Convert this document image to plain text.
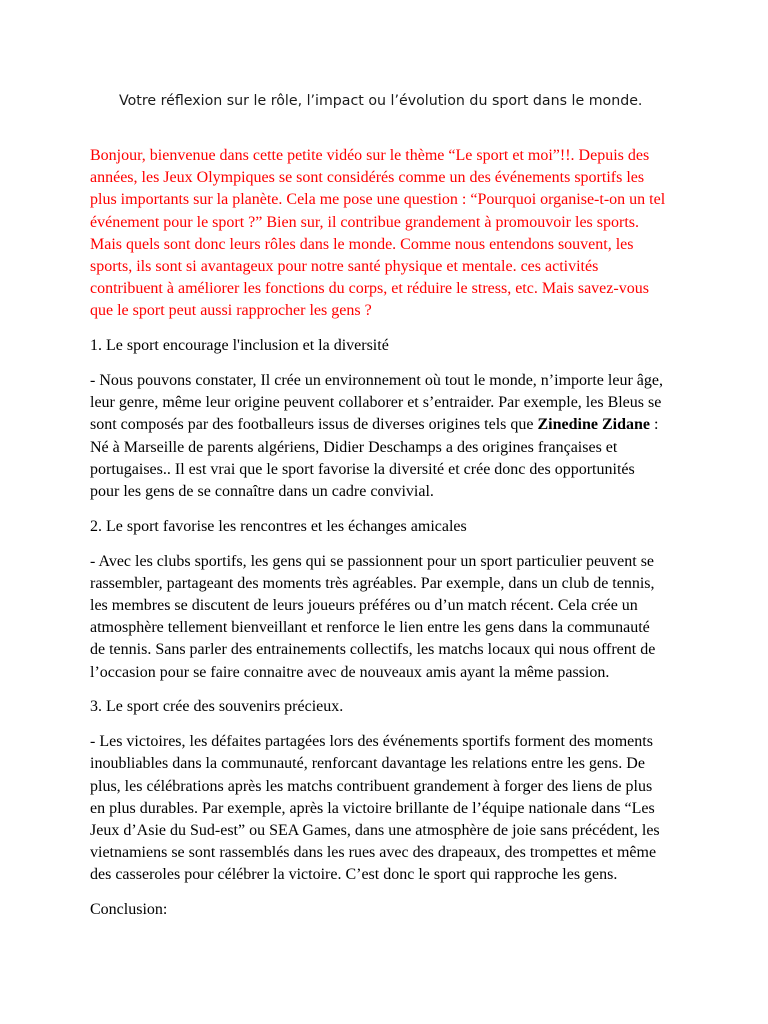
Votre réflexion sur le rôle, l’impact ou l’évolution du sport dans le monde.

Bonjour, bienvenue dans cette petite vidéo sur le thème “Le sport et moi”!!. Depuis des
années, les Jeux Olympiques se sont considérés comme un des événements sportifs les
plus importants sur la planète. Cela me pose une question : “Pourquoi organise-t-on un tel
événement pour le sport ?” Bien sur, il contribue grandement à promouvoir les sports.
Mais quels sont donc leurs rôles dans le monde. Comme nous entendons souvent, les
sports, ils sont si avantageux pour notre santé physique et mentale. ces activités
contribuent à améliorer les fonctions du corps, et réduire le stress, etc. Mais savez-vous
que le sport peut aussi rapprocher les gens ?

1. Le sport encourage l'inclusion et la diversité

- Nous pouvons constater, Il crée un environnement où tout le monde, n’importe leur âge,
leur genre, même leur origine peuvent collaborer et s’entraider. Par exemple, les Bleus se
sont composés par des footballeurs issus de diverses origines tels que Zinedine Zidane :
Né à Marseille de parents algériens, Didier Deschamps a des origines françaises et
portugaises.. Il est vrai que le sport favorise la diversité et crée donc des opportunités
pour les gens de se connaître dans un cadre convivial.

2. Le sport favorise les rencontres et les échanges amicales

- Avec les clubs sportifs, les gens qui se passionnent pour un sport particulier peuvent se
rassembler, partageant des moments très agréables. Par exemple, dans un club de tennis,
les membres se discutent de leurs joueurs préféres ou d’un match récent. Cela crée un
atmosphère tellement bienveillant et renforce le lien entre les gens dans la communauté
de tennis. Sans parler des entrainements collectifs, les matchs locaux qui nous offrent de
l’occasion pour se faire connaitre avec de nouveaux amis ayant la même passion.

3. Le sport crée des souvenirs précieux.

- Les victoires, les défaites partagées lors des événements sportifs forment des moments
inoubliables dans la communauté, renforcant davantage les relations entre les gens. De
plus, les célébrations après les matchs contribuent grandement à forger des liens de plus
en plus durables. Par exemple, après la victoire brillante de l’équipe nationale dans “Les
Jeux d’Asie du Sud-est” ou SEA Games, dans une atmosphère de joie sans précédent, les
vietnamiens se sont rassemblés dans les rues avec des drapeaux, des trompettes et même
des casseroles pour célébrer la victoire. C’est donc le sport qui rapproche les gens.

Conclusion:
